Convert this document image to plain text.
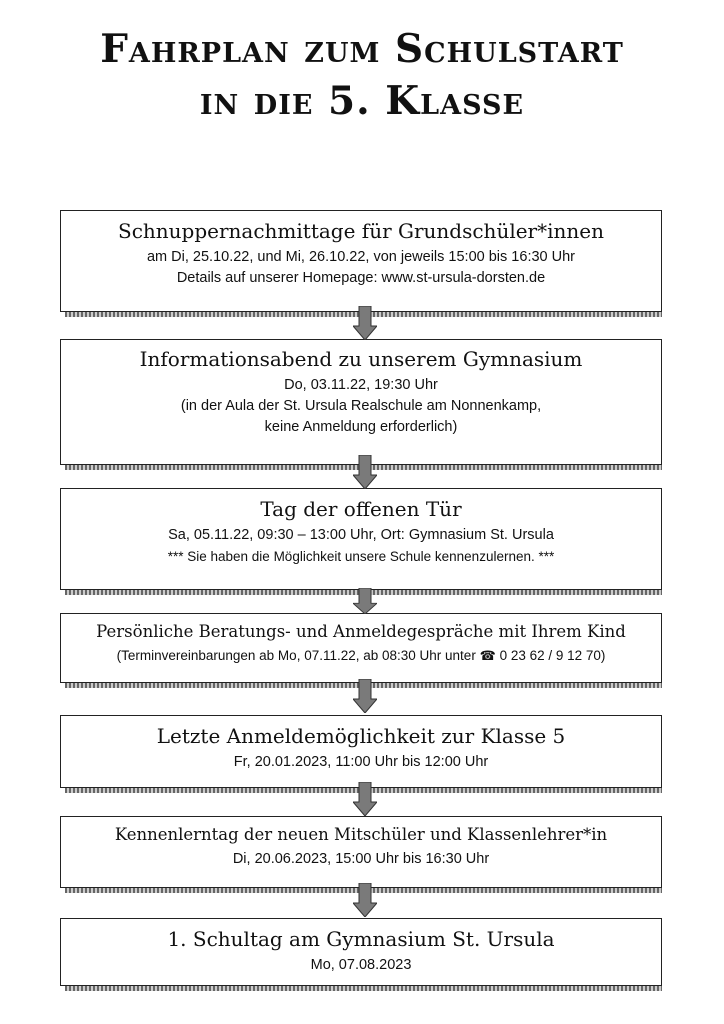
Fahrplan zum Schulstart
in die 5. Klasse
Schnuppernachmittage für Grundschüler*innen
am Di, 25.10.22, und Mi, 26.10.22, von jeweils 15:00 bis 16:30 Uhr
Details auf unserer Homepage: www.st-ursula-dorsten.de
Informationsabend zu unserem Gymnasium
Do, 03.11.22, 19:30 Uhr
(in der Aula der St. Ursula Realschule am Nonnenkamp,
keine Anmeldung erforderlich)
Tag der offenen Tür
Sa, 05.11.22, 09:30 – 13:00 Uhr, Ort: Gymnasium St. Ursula
*** Sie haben die Möglichkeit unsere Schule kennenzulernen. ***
Persönliche Beratungs- und Anmeldegespräche mit Ihrem Kind
(Terminvereinbarungen ab Mo, 07.11.22, ab 08:30 Uhr unter ☎ 0 23 62 / 9 12 70)
Letzte Anmeldemöglichkeit zur Klasse 5
Fr, 20.01.2023, 11:00 Uhr bis 12:00 Uhr
Kennenlerntag der neuen Mitschüler und Klassenlehrer*in
Di, 20.06.2023, 15:00 Uhr bis 16:30 Uhr
1. Schultag am Gymnasium St. Ursula
Mo, 07.08.2023
